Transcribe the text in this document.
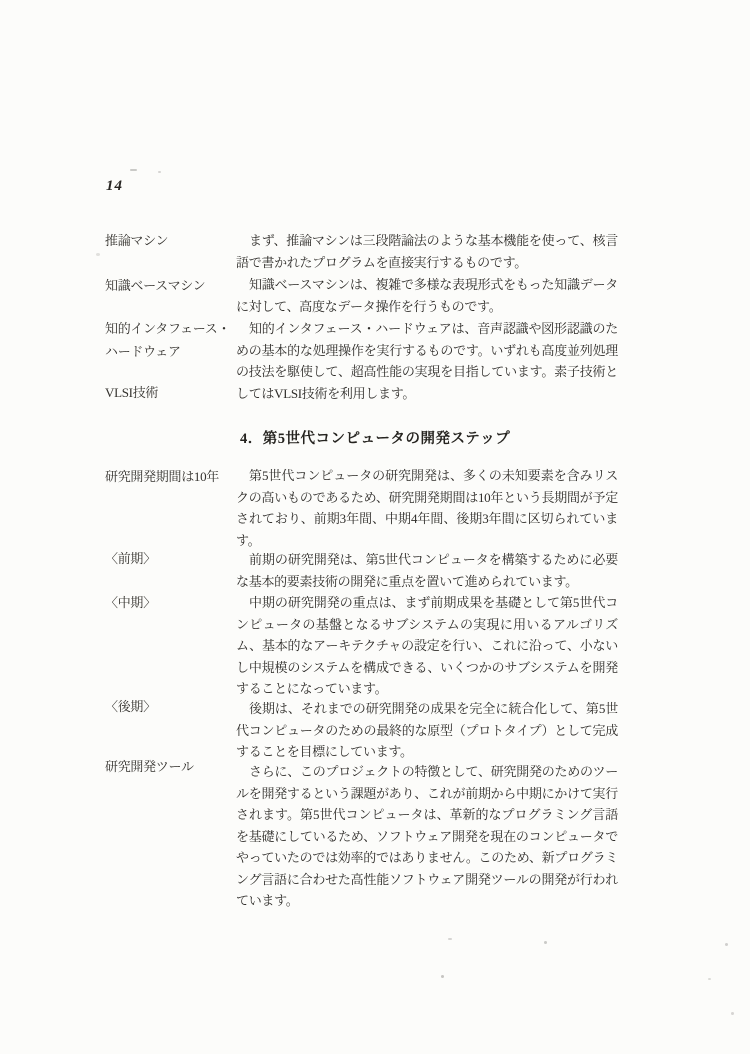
14
推論マシン
知識ベースマシン
知的インタフェース・
ハードウェア
VLSI技術
研究開発期間は10年
〈前期〉
〈中期〉
〈後期〉
研究開発ツール
まず、推論マシンは三段階論法のような基本機能を使って、核言語で書かれたプログラムを直接実行するものです。
知識ベースマシンは、複雑で多様な表現形式をもった知識データに対して、高度なデータ操作を行うものです。
知的インタフェース・ハードウェアは、音声認識や図形認識のための基本的な処理操作を実行するものです。いずれも高度並列処理の技法を駆使して、超高性能の実現を目指しています。素子技術としてはVLSI技術を利用します。
4．第5世代コンピュータの開発ステップ
第5世代コンピュータの研究開発は、多くの未知要素を含みリスクの高いものであるため、研究開発期間は10年という長期間が予定されており、前期3年間、中期4年間、後期3年間に区切られています。
前期の研究開発は、第5世代コンピュータを構築するために必要な基本的要素技術の開発に重点を置いて進められています。
中期の研究開発の重点は、まず前期成果を基礎として第5世代コンピュータの基盤となるサブシステムの実現に用いるアルゴリズム、基本的なアーキテクチャの設定を行い、これに沿って、小ないし中規模のシステムを構成できる、いくつかのサブシステムを開発することになっています。
後期は、それまでの研究開発の成果を完全に統合化して、第5世代コンピュータのための最終的な原型（プロトタイプ）として完成することを目標にしています。
さらに、このプロジェクトの特徴として、研究開発のためのツールを開発するという課題があり、これが前期から中期にかけて実行されます。第5世代コンピュータは、革新的なプログラミング言語を基礎にしているため、ソフトウェア開発を現在のコンピュータでやっていたのでは効率的ではありません。このため、新プログラミング言語に合わせた高性能ソフトウェア開発ツールの開発が行われています。
